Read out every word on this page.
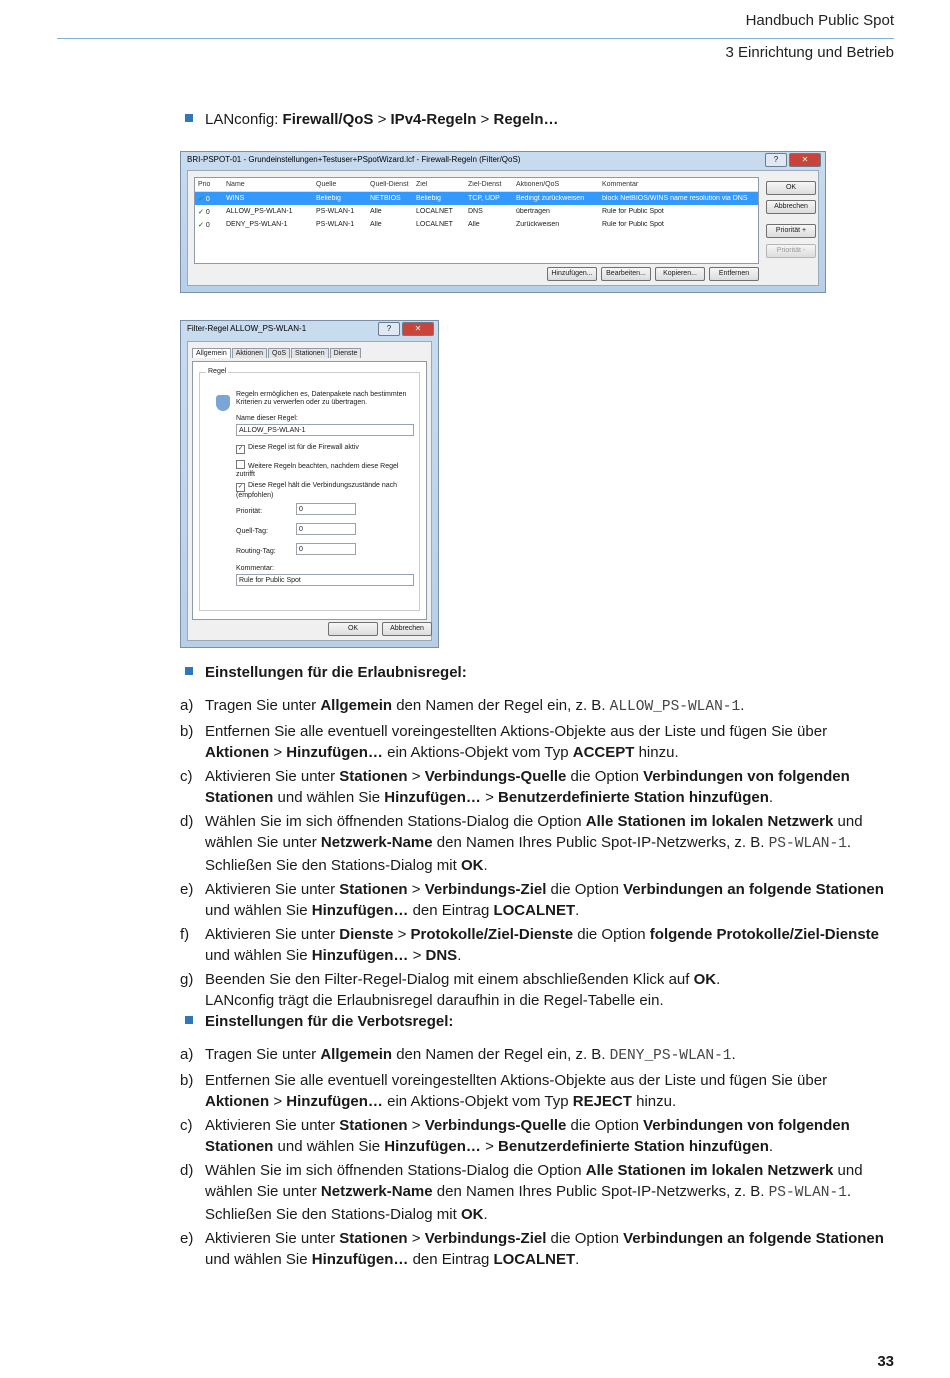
Handbuch Public Spot
3 Einrichtung und Betrieb
LANconfig: Firewall/QoS > IPv4-Regeln > Regeln…
BRI-PSPOT-01 - Grundeinstellungen+Testuser+PSpotWizard.lcf - Firewall-Regeln (Filter/QoS)	?	✕
Prio	Name	Quelle	Quell-Dienst	Ziel	Ziel-Dienst	Aktionen/QoS	Kommentar
✓ 0	WINS	Beliebig	NETBIOS	Beliebig	TCP, UDP	Bedingt zurückweisen	block NetBIOS/WINS name resolution via DNS
✓ 0	ALLOW_PS-WLAN-1	PS-WLAN-1	Alle	LOCALNET	DNS	übertragen	Rule for Public Spot
✓ 0	DENY_PS-WLAN-1	PS-WLAN-1	Alle	LOCALNET	Alle	Zurückweisen	Rule for Public Spot
OK
Abbrechen
Priorität +
Priorität -
Hinzufügen...	Bearbeiten...	Kopieren...	Entfernen
Filter-Regel ALLOW_PS-WLAN-1	?	✕
Allgemein	Aktionen	QoS	Stationen	Dienste
Regel
Regeln ermöglichen es, Datenpakete nach bestimmten Kriterien zu verwerfen oder zu übertragen.
Name dieser Regel:
ALLOW_PS-WLAN-1
✓ Diese Regel ist für die Firewall aktiv
Weitere Regeln beachten, nachdem diese Regel zutrifft
✓ Diese Regel hält die Verbindungszustände nach (empfohlen)
Priorität:	0
Quell-Tag:	0
Routing-Tag:	0
Kommentar:
Rule for Public Spot
OK	Abbrechen
Einstellungen für die Erlaubnisregel:
a) Tragen Sie unter Allgemein den Namen der Regel ein, z. B. ALLOW_PS-WLAN-1.
b) Entfernen Sie alle eventuell voreingestellten Aktions-Objekte aus der Liste und fügen Sie über Aktionen > Hinzufügen… ein Aktions-Objekt vom Typ ACCEPT hinzu.
c) Aktivieren Sie unter Stationen > Verbindungs-Quelle die Option Verbindungen von folgenden Stationen und wählen Sie Hinzufügen… > Benutzerdefinierte Station hinzufügen.
d) Wählen Sie im sich öffnenden Stations-Dialog die Option Alle Stationen im lokalen Netzwerk und wählen Sie unter Netzwerk-Name den Namen Ihres Public Spot-IP-Netzwerks, z. B. PS-WLAN-1. Schließen Sie den Stations-Dialog mit OK.
e) Aktivieren Sie unter Stationen > Verbindungs-Ziel die Option Verbindungen an folgende Stationen und wählen Sie Hinzufügen… den Eintrag LOCALNET.
f) Aktivieren Sie unter Dienste > Protokolle/Ziel-Dienste die Option folgende Protokolle/Ziel-Dienste und wählen Sie Hinzufügen… > DNS.
g) Beenden Sie den Filter-Regel-Dialog mit einem abschließenden Klick auf OK.
LANconfig trägt die Erlaubnisregel daraufhin in die Regel-Tabelle ein.
Einstellungen für die Verbotsregel:
a) Tragen Sie unter Allgemein den Namen der Regel ein, z. B. DENY_PS-WLAN-1.
b) Entfernen Sie alle eventuell voreingestellten Aktions-Objekte aus der Liste und fügen Sie über Aktionen > Hinzufügen… ein Aktions-Objekt vom Typ REJECT hinzu.
c) Aktivieren Sie unter Stationen > Verbindungs-Quelle die Option Verbindungen von folgenden Stationen und wählen Sie Hinzufügen… > Benutzerdefinierte Station hinzufügen.
d) Wählen Sie im sich öffnenden Stations-Dialog die Option Alle Stationen im lokalen Netzwerk und wählen Sie unter Netzwerk-Name den Namen Ihres Public Spot-IP-Netzwerks, z. B. PS-WLAN-1. Schließen Sie den Stations-Dialog mit OK.
e) Aktivieren Sie unter Stationen > Verbindungs-Ziel die Option Verbindungen an folgende Stationen und wählen Sie Hinzufügen… den Eintrag LOCALNET.
33
